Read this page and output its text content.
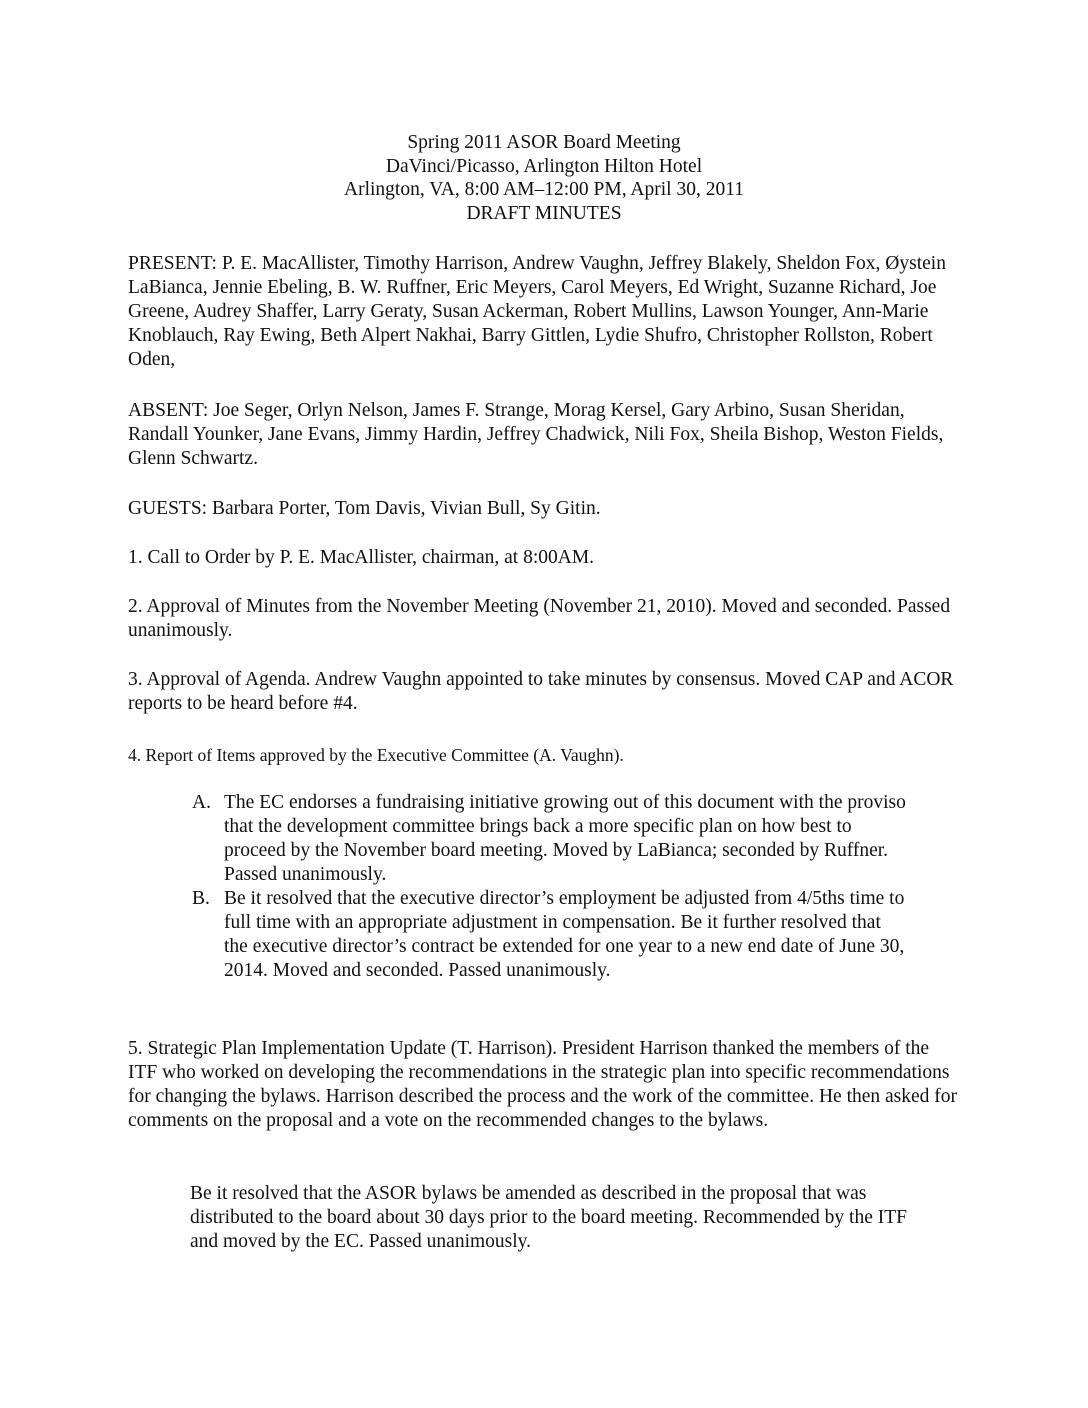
Spring 2011 ASOR Board Meeting
DaVinci/Picasso, Arlington Hilton Hotel
Arlington, VA, 8:00 AM–12:00 PM, April 30, 2011
DRAFT MINUTES

PRESENT: P. E. MacAllister, Timothy Harrison, Andrew Vaughn, Jeffrey Blakely, Sheldon Fox, Øystein LaBianca, Jennie Ebeling, B. W. Ruffner, Eric Meyers, Carol Meyers, Ed Wright, Suzanne Richard, Joe Greene, Audrey Shaffer, Larry Geraty, Susan Ackerman, Robert Mullins, Lawson Younger, Ann-Marie Knoblauch, Ray Ewing, Beth Alpert Nakhai, Barry Gittlen, Lydie Shufro, Christopher Rollston, Robert Oden,

ABSENT: Joe Seger, Orlyn Nelson, James F. Strange, Morag Kersel, Gary Arbino, Susan Sheridan, Randall Younker, Jane Evans, Jimmy Hardin, Jeffrey Chadwick, Nili Fox, Sheila Bishop, Weston Fields, Glenn Schwartz.

GUESTS: Barbara Porter, Tom Davis, Vivian Bull, Sy Gitin.

1. Call to Order by P. E. MacAllister, chairman, at 8:00AM.

2. Approval of Minutes from the November Meeting (November 21, 2010). Moved and seconded. Passed unanimously.

3. Approval of Agenda. Andrew Vaughn appointed to take minutes by consensus. Moved CAP and ACOR reports to be heard before #4.

4. Report of Items approved by the Executive Committee (A. Vaughn).

A. The EC endorses a fundraising initiative growing out of this document with the proviso that the development committee brings back a more specific plan on how best to proceed by the November board meeting. Moved by LaBianca; seconded by Ruffner. Passed unanimously.
B. Be it resolved that the executive director’s employment be adjusted from 4/5ths time to full time with an appropriate adjustment in compensation. Be it further resolved that the executive director’s contract be extended for one year to a new end date of June 30, 2014. Moved and seconded. Passed unanimously.

5. Strategic Plan Implementation Update (T. Harrison). President Harrison thanked the members of the ITF who worked on developing the recommendations in the strategic plan into specific recommendations for changing the bylaws. Harrison described the process and the work of the committee. He then asked for comments on the proposal and a vote on the recommended changes to the bylaws.

Be it resolved that the ASOR bylaws be amended as described in the proposal that was distributed to the board about 30 days prior to the board meeting. Recommended by the ITF and moved by the EC. Passed unanimously.
